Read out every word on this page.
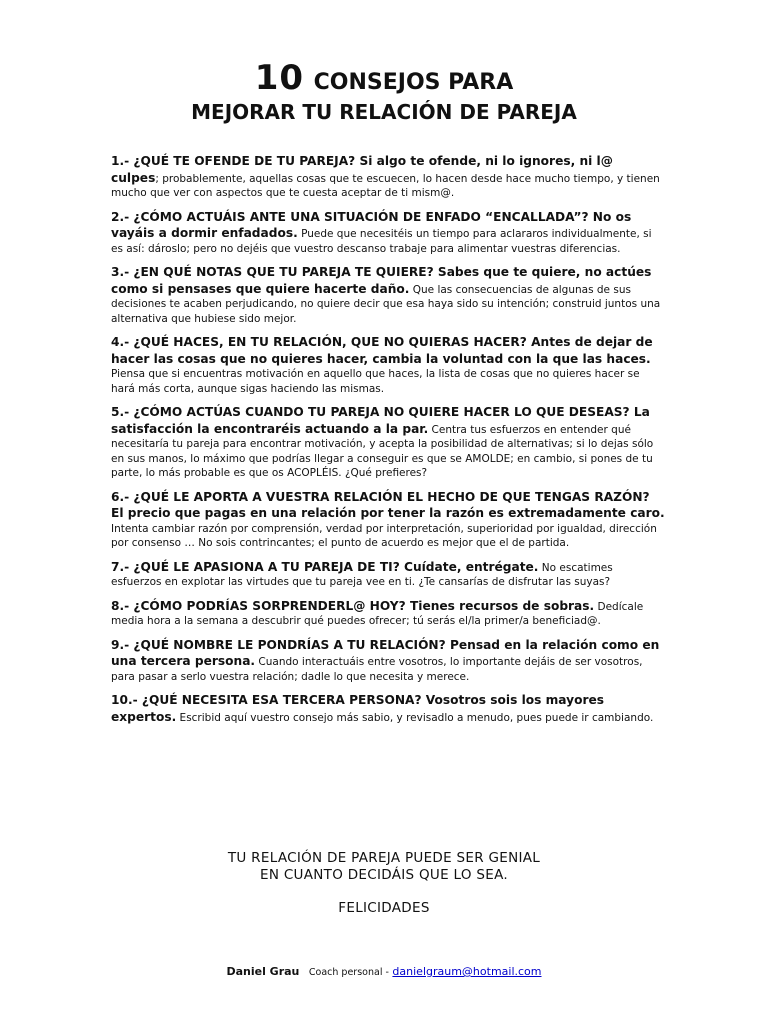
10 CONSEJOS PARA
MEJORAR TU RELACIÓN DE PAREJA

1.- ¿QUÉ TE OFENDE DE TU PAREJA? Si algo te ofende, ni lo ignores, ni l@ culpes; probablemente, aquellas cosas que te escuecen, lo hacen desde hace mucho tiempo, y tienen mucho que ver con aspectos que te cuesta aceptar de ti mism@.

2.- ¿CÓMO ACTUÁIS ANTE UNA SITUACIÓN DE ENFADO “ENCALLADA”? No os vayáis a dormir enfadados. Puede que necesitéis un tiempo para aclararos individualmente, si es así: dároslo; pero no dejéis que vuestro descanso trabaje para alimentar vuestras diferencias.

3.- ¿EN QUÉ NOTAS QUE TU PAREJA TE QUIERE? Sabes que te quiere, no actúes como si pensases que quiere hacerte daño. Que las consecuencias de algunas de sus decisiones te acaben perjudicando, no quiere decir que esa haya sido su intención; construid juntos una alternativa que hubiese sido mejor.

4.- ¿QUÉ HACES, EN TU RELACIÓN, QUE NO QUIERAS HACER? Antes de dejar de hacer las cosas que no quieres hacer, cambia la voluntad con la que las haces. Piensa que si encuentras motivación en aquello que haces, la lista de cosas que no quieres hacer se hará más corta, aunque sigas haciendo las mismas.

5.- ¿CÓMO ACTÚAS CUANDO TU PAREJA NO QUIERE HACER LO QUE DESEAS? La satisfacción la encontraréis actuando a la par. Centra tus esfuerzos en entender qué necesitaría tu pareja para encontrar motivación, y acepta la posibilidad de alternativas; si lo dejas sólo en sus manos, lo máximo que podrías llegar a conseguir es que se AMOLDE; en cambio, si pones de tu parte, lo más probable es que os ACOPLÉIS. ¿Qué prefieres?

6.- ¿QUÉ LE APORTA A VUESTRA RELACIÓN EL HECHO DE QUE TENGAS RAZÓN? El precio que pagas en una relación por tener la razón es extremadamente caro. Intenta cambiar razón por comprensión, verdad por interpretación, superioridad por igualdad, dirección por consenso … No sois contrincantes; el punto de acuerdo es mejor que el de partida.

7.- ¿QUÉ LE APASIONA A TU PAREJA DE TI? Cuídate, entrégate. No escatimes esfuerzos en explotar las virtudes que tu pareja vee en ti. ¿Te cansarías de disfrutar las suyas?

8.- ¿CÓMO PODRÍAS SORPRENDERL@ HOY? Tienes recursos de sobras. Dedícale media hora a la semana a descubrir qué puedes ofrecer; tú serás el/la primer/a beneficiad@.

9.- ¿QUÉ NOMBRE LE PONDRÍAS A TU RELACIÓN? Pensad en la relación como en una tercera persona. Cuando interactuáis entre vosotros, lo importante dejáis de ser vosotros, para pasar a serlo vuestra relación; dadle lo que necesita y merece.

10.- ¿QUÉ NECESITA ESA TERCERA PERSONA? Vosotros sois los mayores expertos. Escribid aquí vuestro consejo más sabio, y revisadlo a menudo, pues puede ir cambiando.

TU RELACIÓN DE PAREJA PUEDE SER GENIAL
EN CUANTO DECIDÁIS QUE LO SEA.
FELICIDADES
Daniel Grau Coach personal - danielgraum@hotmail.com
